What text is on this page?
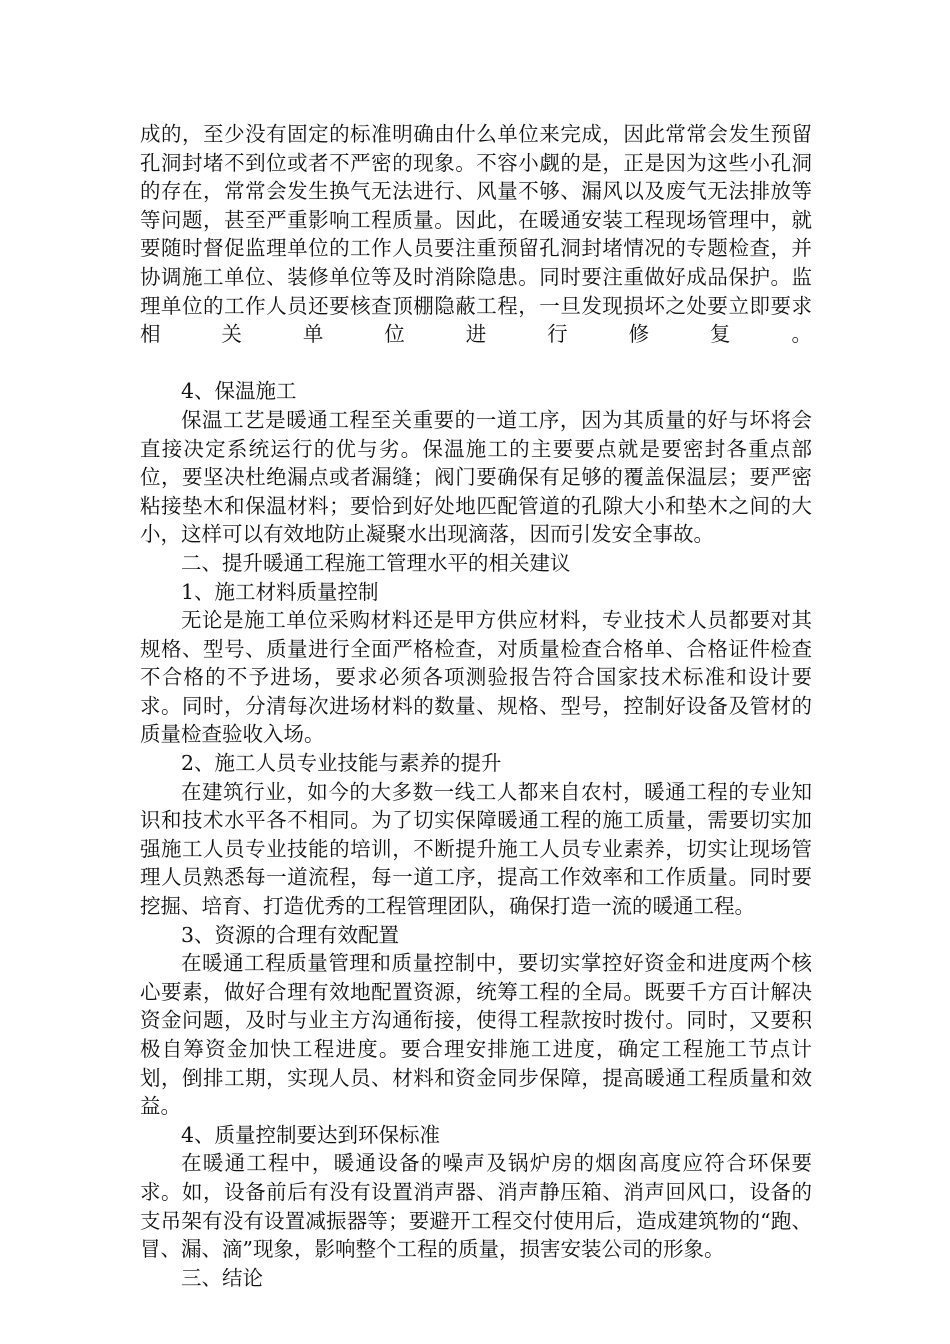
成的，至少没有固定的标准明确由什么单位来完成，因此常常会发生预留孔洞封堵不到位或者不严密的现象。不容小觑的是，正是因为这些小孔洞的存在，常常会发生换气无法进行、风量不够、漏风以及废气无法排放等等问题，甚至严重影响工程质量。因此，在暖通安装工程现场管理中，就要随时督促监理单位的工作人员要注重预留孔洞封堵情况的专题检查，并协调施工单位、装修单位等及时消除隐患。同时要注重做好成品保护。监理单位的工作人员还要核查顶棚隐蔽工程，一旦发现损坏之处要立即要求相关单位进行修复。

4、保温施工

保温工艺是暖通工程至关重要的一道工序，因为其质量的好与坏将会直接决定系统运行的优与劣。保温施工的主要要点就是要密封各重点部位，要坚决杜绝漏点或者漏缝；阀门要确保有足够的覆盖保温层；要严密粘接垫木和保温材料；要恰到好处地匹配管道的孔隙大小和垫木之间的大小，这样可以有效地防止凝聚水出现滴落，因而引发安全事故。

二、提升暖通工程施工管理水平的相关建议

1、施工材料质量控制

无论是施工单位采购材料还是甲方供应材料，专业技术人员都要对其规格、型号、质量进行全面严格检查，对质量检查合格单、合格证件检查不合格的不予进场，要求必须各项测验报告符合国家技术标准和设计要求。同时，分清每次进场材料的数量、规格、型号，控制好设备及管材的质量检查验收入场。

2、施工人员专业技能与素养的提升

在建筑行业，如今的大多数一线工人都来自农村，暖通工程的专业知识和技术水平各不相同。为了切实保障暖通工程的施工质量，需要切实加强施工人员专业技能的培训，不断提升施工人员专业素养，切实让现场管理人员熟悉每一道流程，每一道工序，提高工作效率和工作质量。同时要挖掘、培育、打造优秀的工程管理团队，确保打造一流的暖通工程。

3、资源的合理有效配置

在暖通工程质量管理和质量控制中，要切实掌控好资金和进度两个核心要素，做好合理有效地配置资源，统筹工程的全局。既要千方百计解决资金问题，及时与业主方沟通衔接，使得工程款按时拨付。同时，又要积极自筹资金加快工程进度。要合理安排施工进度，确定工程施工节点计划，倒排工期，实现人员、材料和资金同步保障，提高暖通工程质量和效益。

4、质量控制要达到环保标准

在暖通工程中，暖通设备的噪声及锅炉房的烟囱高度应符合环保要求。如，设备前后有没有设置消声器、消声静压箱、消声回风口，设备的支吊架有没有设置减振器等；要避开工程交付使用后，造成建筑物的“跑、冒、漏、滴”现象，影响整个工程的质量，损害安装公司的形象。

三、结论
